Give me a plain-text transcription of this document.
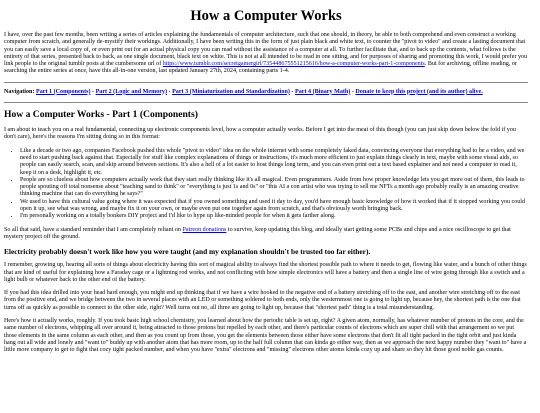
How a Computer Works

I have, over the past few months, been writing a series of articles explaining the fundamentals of computer architecture, such that one should, in theory, be able to both comprehend and even construct a working computer from scratch, and generally de-mystify their workings. Additionally, I have been writing this in the form of just plain black and white text, to counter the "pivot to video" and create a lasting document that you can easily save a local copy of, or even print out for an actual physical copy you can read without the assistance of a computer at all. To further facilitate that, and to back up the contents, what follows is the entirety of that series, presented back to back, as one single document, black text on white. This is not at all intended to be read in one sitting, and for purposes of sharing and promoting this work, I would prefer you link people to the original tumblr posts at the cumbersome url of https://www.tumblr.com/secretgamergirl/735448675551215616/how-a-computer-works-part-1-components. But for archiving, offline reading, or searching the entire series at once, have this all-in-one version, last updated January 27th, 2024, containing parts 1-4.

Navigation: Part 1 (Components) - Part 2 (Logic and Memory) - Part 3 (Miniaturization and Standardization) - Part 4 (Binary Math) - Donate to keep this project (and its author) alive.
How a Computer Works - Part 1 (Components)

I am about to teach you on a real fundamental, connecting up electronic components level, how a computer actually works. Before I get into the meat of this though (you can just skip down below the fold if you don't care), here's the reasons I'm sitting doing so in this format:

• Like a decade or two ago, companies Facebook pushed this whole "pivot to video" idea on the whole internet with some completely faked data, convincing everyone that everything had to be a video, and we need to start pushing back against that. Especially for stuff like complex explanations of things or instructions, it's much more efficient to just explain things clearly in text, maybe with some visual aids, so people can easily search, scan, and skip around between sections. It's also a hell of a lot easier to host things long term, and you can even print out a text based explainer and not need a computer to read it, keep it on a desk, highlight it, etc.
• People are so clueless about how computers actually work that they start really thinking like it's all magical. Even programmers. Aside from how proper knowledge lets you get more out of them, this leads to people spouting off total nonsense about "teaching sand to think" or "everything is just 1s and 0s" or "this AI a con artist who was trying to sell me NFTs a month ago probably really is an amazing creative thinking machine that can do everything he says?"
• We used to have this cultural value going where it was expected that if you owned something and used it day to day, you'd have enough basic knowledge of how it worked that if it stopped working you could open it up, see what was wrong, and maybe fix it on your own, or maybe even put one together again from scratch, and that's obviously worth bringing back.
• I'm personally working on a totally bonkers DIY project and I'd like to hype up like-minded people for when it gets farther along.

So all that said, have a standard reminder that I am completely reliant on Patreon donations to survive, keep updating this blog, and ideally start getting some PCBs and chips and a nice oscilloscope to get that mystery project off the ground.

Electricity probably doesn't work like how you were taught (and my explanation shouldn't be trusted too far either).

I remember, growing up, hearing all sorts of things about electricity having this sort of magical ability to always find the shortest possible path to where it needs to get, flowing like water, and a bunch of other things that are kind of useful for explaining how a Faraday cage or a lightning rod works, and not conflicting with how simple electronics will have a battery and then a single line of wire going through like a switch and a light bulb or whatever back to the other end of the battery.

If you had this idea drilled into your head hard enough, you might end up thinking that if we have a wire hooked to the negative end of a battery stretching off to the east, and another wire stretching off to the east from the positive end, and we bridge between the two in several places with an LED or something soldered to both ends, only the westernmost one is going to light up, because hey, the shortest path is the one that turns off as quickly as possible to connect to the other side, right? Well turns out no, all three are going to light up, because that "shortest path" thing is a total misunderstanding.

Here's how it actually works, roughly. If you took basic high school chemistry, you learned about how the periodic table is set up, right? A given atom, normally, has whatever number of protons in the core, and the same number of electrons, whipping all over around it, being attracted to those protons but repelled by each other, and there's particular counts of electrons which are super chill with that arrangement so we put those elements in the same column as each other, and then as you count up from those, you get the elements between those either have some electrons that don't fit all tight packed in the tight orbit and just kinda hang out all wide and lonely and "want to" buddy up with another atom that has more room, up to the half full column that can kinda go either way, then as we approach the next happy number they "want to" have a little more company to get to fight that cozy tight packed number, and when you have "extra" electrons and "missing" electrons other atoms kinda cozy up and share so they hit those good noble gas counts.
